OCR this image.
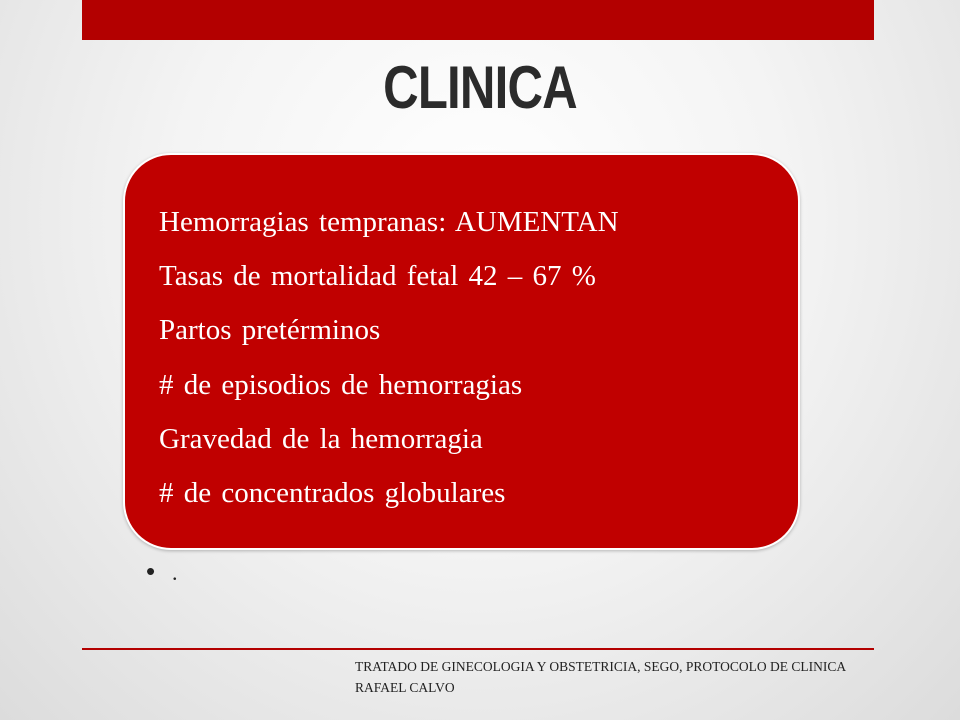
CLINICA
Hemorragias tempranas: AUMENTAN
Tasas de mortalidad fetal 42 – 67 %
Partos pretérminos
# de episodios de hemorragias
Gravedad de la hemorragia
# de concentrados globulares
• .
TRATADO DE GINECOLOGIA Y OBSTETRICIA, SEGO, PROTOCOLO DE CLINICA RAFAEL CALVO
